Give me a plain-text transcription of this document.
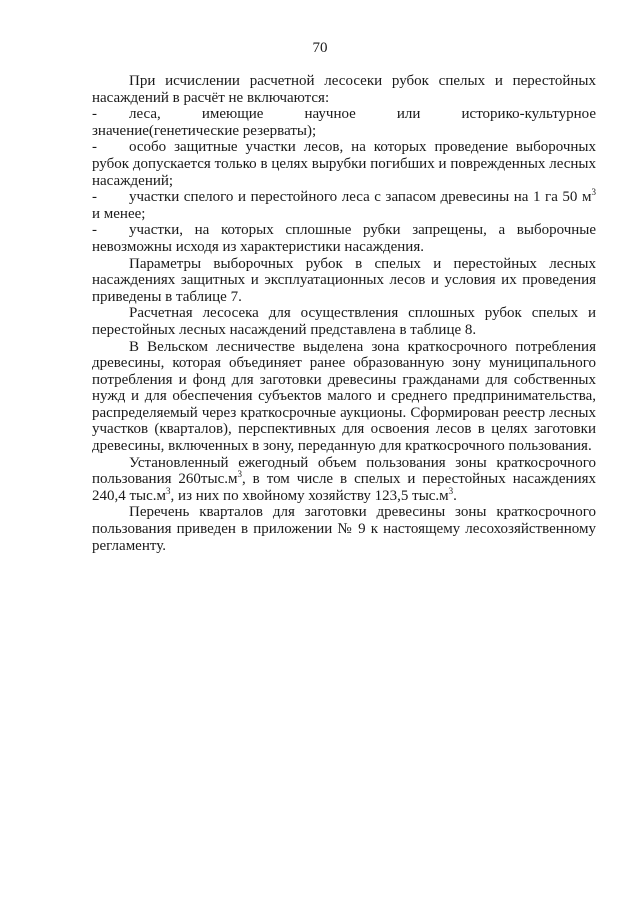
70

При исчислении расчетной лесосеки рубок спелых и перестойных насаждений в расчёт не включаются:

- леса, имеющие научное или историко-культурное значение(генетические резерваты);

- особо защитные участки лесов, на которых проведение выборочных рубок допускается только в целях вырубки погибших и поврежденных лесных насаждений;

- участки спелого и перестойного леса с запасом древесины на 1 га 50 $м^3$ и менее;

- участки, на которых сплошные рубки запрещены, а выборочные невозможны исходя из характеристики насаждения.

Параметры выборочных рубок в спелых и перестойных лесных насаждениях защитных и эксплуатационных лесов и условия их проведения приведены в таблице 7.

Расчетная лесосека для осуществления сплошных рубок спелых и перестойных лесных насаждений представлена в таблице 8.

В Вельском лесничестве выделена зона краткосрочного потребления древесины, которая объединяет ранее образованную зону муниципального потребления и фонд для заготовки древесины гражданами для собственных нужд и для обеспечения субъектов малого и среднего предпринимательства, распределяемый через краткосрочные аукционы. Сформирован реестр лесных участков (кварталов), перспективных для освоения лесов в целях заготовки древесины, включенных в зону, переданную для краткосрочного пользования.

Установленный ежегодный объем пользования зоны краткосрочного пользования $260тыс.м^3$, в том числе в спелых и перестойных насаждениях 240,4 $тыс.м^3$, из них по хвойному хозяйству 123,5 $тыс.м^3$.

Перечень кварталов для заготовки древесины зоны краткосрочного пользования приведен в приложении № 9 к настоящему лесохозяйственному регламенту.
